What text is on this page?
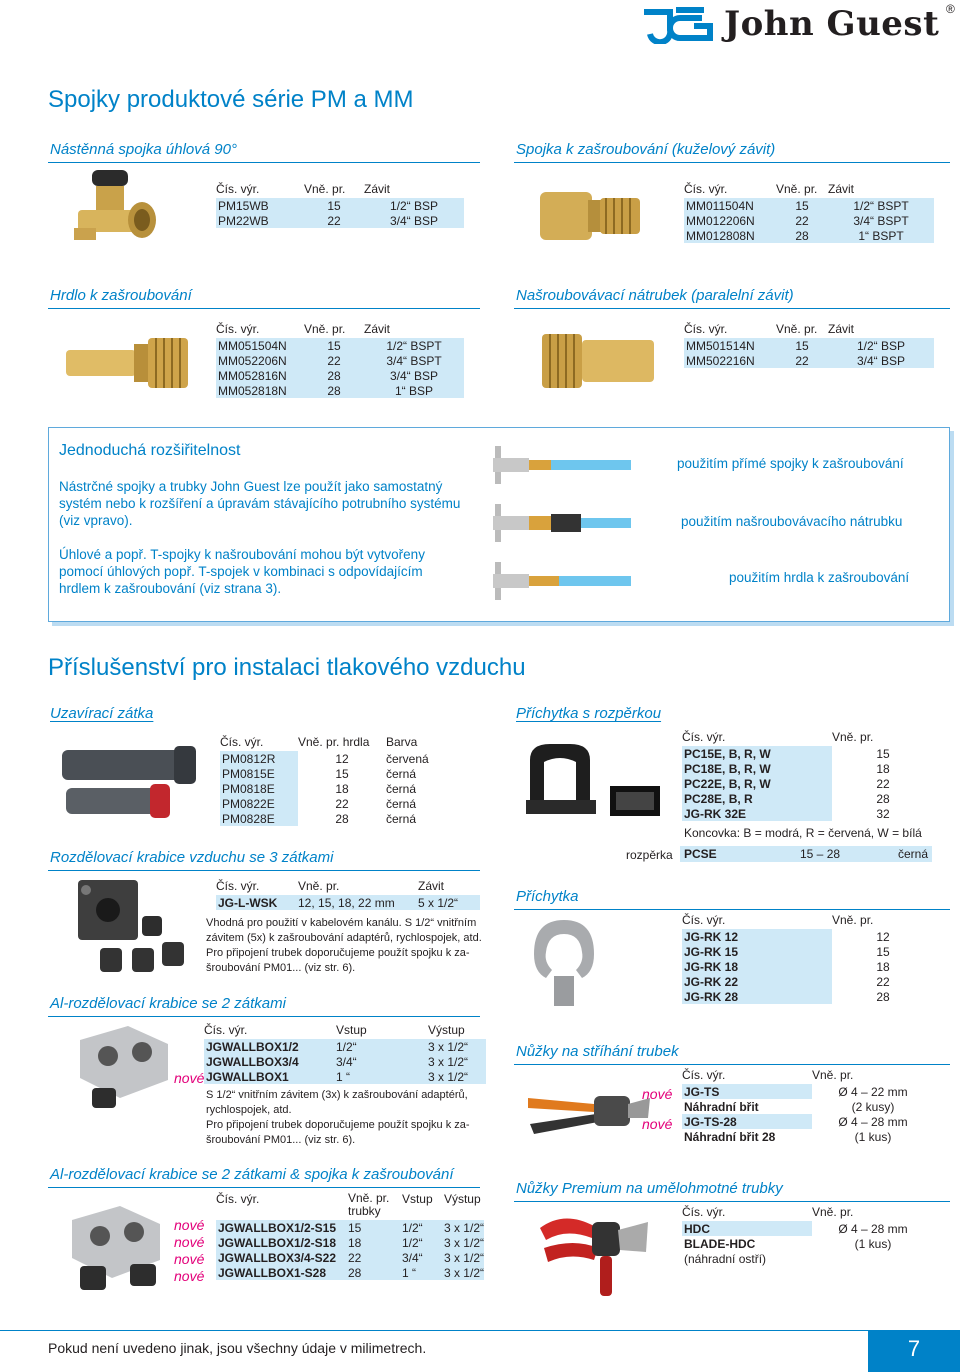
John Guest ®
Spojky produktové série PM a MM
Nástěnná spojka úhlová 90°
Čís. výr.	Vně. pr.	Závit
PM15WB	15	1/2“ BSP
PM22WB	22	3/4“ BSP
Spojka k zašroubování (kuželový závit)
Čís. výr.	Vně. pr.	Závit
MM011504N	15	1/2“ BSPT
MM012206N	22	3/4“ BSPT
MM012808N	28	1“ BSPT
Hrdlo k zašroubování
Čís. výr.	Vně. pr.	Závit
MM051504N	15	1/2“ BSPT
MM052206N	22	3/4“ BSPT
MM052816N	28	3/4“ BSP
MM052818N	28	1“ BSP
Našroubovávací nátrubek (paralelní závit)
Čís. výr.	Vně. pr.	Závit
MM501514N	15	1/2“ BSP
MM502216N	22	3/4“ BSP
Jednoduchá rozšiřitelnost
Nástrčné spojky a trubky John Guest lze použít jako samostatný systém nebo k rozšíření a úpravám stávajícího potrubního systému (viz vpravo).
Úhlové a popř. T-spojky k našroubování mohou být vytvořeny pomocí úhlových popř. T-spojek v kombinaci s odpovídajícím hrdlem k zašroubování (viz strana 3).
použitím přímé spojky k zašroubování
použitím našroubovávacího nátrubku
použitím hrdla k zašroubování
Příslušenství pro instalaci tlakového vzduchu
Uzavírací zátka
Čís. výr.	Vně. pr. hrdla	Barva
PM0812R	12	červená
PM0815E	15	černá
PM0818E	18	černá
PM0822E	22	černá
PM0828E	28	černá
Příchytka s rozpěrkou
Čís. výr.	Vně. pr.
PC15E, B, R, W	15
PC18E, B, R, W	18
PC22E, B, R, W	22
PC28E, B, R	28
JG-RK 32E	32
Koncovka: B = modrá, R = červená, W = bílá
rozpěrka PCSE	15 – 28	černá
Rozdělovací krabice vzduchu se 3 zátkami
Čís. výr.	Vně. pr.	Závit
JG-L-WSK	12, 15, 18, 22 mm	5 x 1/2“
Vhodná pro použití v kabelovém kanálu. S 1/2“ vnitřním
závitem (5x) k zašroubování adaptérů, rychlospojek, atd.
Pro připojení trubek doporučujeme použít spojku k za-
šroubování PM01... (viz str. 6).
Příchytka
Čís. výr.	Vně. pr.
JG-RK 12	12
JG-RK 15	15
JG-RK 18	18
JG-RK 22	22
JG-RK 28	28
Al-rozdělovací krabice se 2 zátkami
nové
Čís. výr.	Vstup	Výstup
JGWALLBOX1/2	1/2“	3 x 1/2“
JGWALLBOX3/4	3/4“	3 x 1/2“
JGWALLBOX1	1 “	3 x 1/2“
S 1/2“ vnitřním závitem (3x) k zašroubování adaptérů,
rychlospojek, atd.
Pro připojení trubek doporučujeme použít spojku k za-
šroubování PM01... (viz str. 6).
Nůžky na stříhání trubek
nové
nové
Čís. výr.	Vně. pr.
JG-TS	Ø 4 – 22 mm
Náhradní břit	(2 kusy)
JG-TS-28	Ø 4 – 28 mm
Náhradní břit 28	(1 kus)
Al-rozdělovací krabice se 2 zátkami & spojka k zašroubování
nové
nové
nové
nové
Čís. výr.	Vně. pr.
trubky	Vstup	Výstup
JGWALLBOX1/2-S15	15	1/2“	3 x 1/2“
JGWALLBOX1/2-S18	18	1/2“	3 x 1/2“
JGWALLBOX3/4-S22	22	3/4“	3 x 1/2“
JGWALLBOX1-S28	28	1 “	3 x 1/2“
Nůžky Premium na umělohmotné trubky
Čís. výr.	Vně. pr.
HDC	Ø 4 – 28 mm
BLADE-HDC	(1 kus)
(náhradní ostří)	
Pokud není uvedeno jinak, jsou všechny údaje v milimetrech.	7
